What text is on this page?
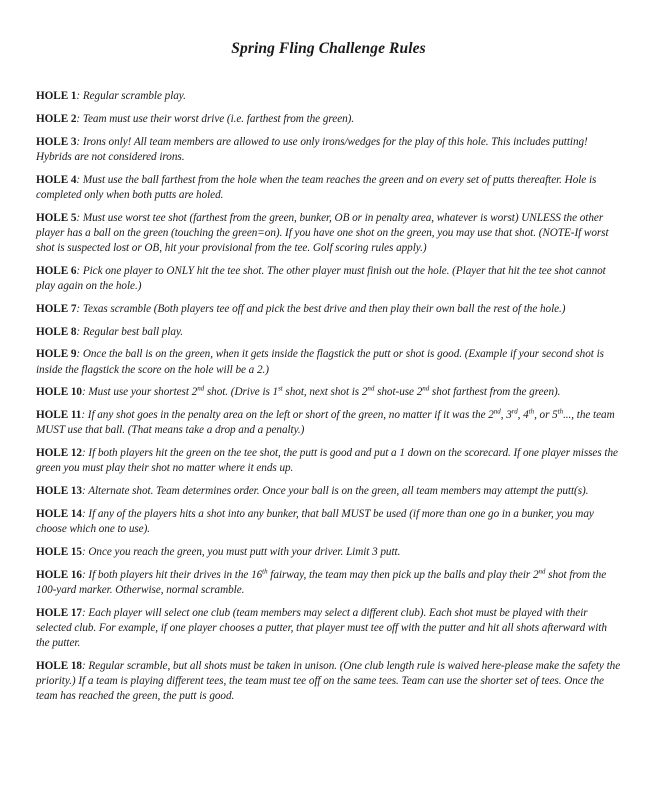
Spring Fling Challenge Rules
HOLE 1: Regular scramble play.
HOLE 2: Team must use their worst drive (i.e. farthest from the green).
HOLE 3: Irons only! All team members are allowed to use only irons/wedges for the play of this hole. This includes putting! Hybrids are not considered irons.
HOLE 4: Must use the ball farthest from the hole when the team reaches the green and on every set of putts thereafter. Hole is completed only when both putts are holed.
HOLE 5: Must use worst tee shot (farthest from the green, bunker, OB or in penalty area, whatever is worst) UNLESS the other player has a ball on the green (touching the green=on). If you have one shot on the green, you may use that shot. (NOTE-If worst shot is suspected lost or OB, hit your provisional from the tee. Golf scoring rules apply.)
HOLE 6: Pick one player to ONLY hit the tee shot. The other player must finish out the hole. (Player that hit the tee shot cannot play again on the hole.)
HOLE 7: Texas scramble (Both players tee off and pick the best drive and then play their own ball the rest of the hole.)
HOLE 8: Regular best ball play.
HOLE 9: Once the ball is on the green, when it gets inside the flagstick the putt or shot is good. (Example if your second shot is inside the flagstick the score on the hole will be a 2.)
HOLE 10: Must use your shortest 2nd shot. (Drive is 1st shot, next shot is 2nd shot-use 2nd shot farthest from the green).
HOLE 11: If any shot goes in the penalty area on the left or short of the green, no matter if it was the 2nd, 3rd, 4th, or 5th..., the team MUST use that ball. (That means take a drop and a penalty.)
HOLE 12: If both players hit the green on the tee shot, the putt is good and put a 1 down on the scorecard. If one player misses the green you must play their shot no matter where it ends up.
HOLE 13: Alternate shot. Team determines order. Once your ball is on the green, all team members may attempt the putt(s).
HOLE 14: If any of the players hits a shot into any bunker, that ball MUST be used (if more than one go in a bunker, you may choose which one to use).
HOLE 15: Once you reach the green, you must putt with your driver. Limit 3 putt.
HOLE 16: If both players hit their drives in the 16th fairway, the team may then pick up the balls and play their 2nd shot from the 100-yard marker. Otherwise, normal scramble.
HOLE 17: Each player will select one club (team members may select a different club). Each shot must be played with their selected club. For example, if one player chooses a putter, that player must tee off with the putter and hit all shots afterward with the putter.
HOLE 18: Regular scramble, but all shots must be taken in unison. (One club length rule is waived here-please make the safety the priority.) If a team is playing different tees, the team must tee off on the same tees. Team can use the shorter set of tees. Once the team has reached the green, the putt is good.
